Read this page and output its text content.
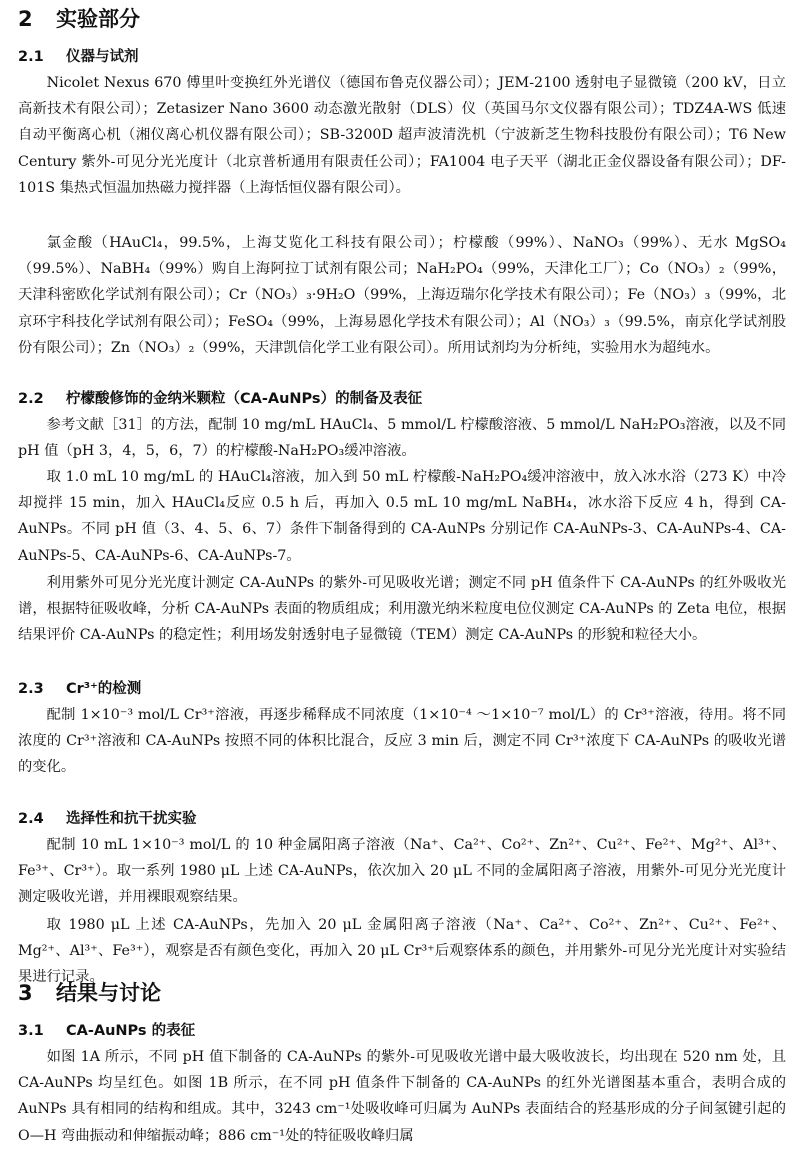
2 实验部分
2.1 仪器与试剂

Nicolet Nexus 670 傅里叶变换红外光谱仪（德国布鲁克仪器公司）；JEM-2100 透射电子显微镜（200 kV，日立高新技术有限公司）；Zetasizer Nano 3600 动态激光散射（DLS）仪（英国马尔文仪器有限公司）；TDZ4A-WS 低速自动平衡离心机（湘仪离心机仪器有限公司）；SB-3200D 超声波清洗机（宁波新芝生物科技股份有限公司）；T6 New Century 紫外-可见分光光度计（北京普析通用有限责任公司）；FA1004 电子天平（湖北正金仪器设备有限公司）；DF-101S 集热式恒温加热磁力搅拌器（上海恬恒仪器有限公司）。

氯金酸（HAuCl₄，99.5%，上海艾览化工科技有限公司）；柠檬酸（99%）、NaNO₃（99%）、无水 MgSO₄（99.5%）、NaBH₄（99%）购自上海阿拉丁试剂有限公司；NaH₂PO₄（99%，天津化工厂）；Co（NO₃）₂（99%，天津科密欧化学试剂有限公司）；Cr（NO₃）₃·9H₂O（99%，上海迈瑞尔化学技术有限公司）；Fe（NO₃）₃（99%，北京环宇科技化学试剂有限公司）；FeSO₄（99%，上海易恩化学技术有限公司）；Al（NO₃）₃（99.5%，南京化学试剂股份有限公司）；Zn（NO₃）₂（99%，天津凯信化学工业有限公司）。所用试剂均为分析纯，实验用水为超纯水。

2.2 柠檬酸修饰的金纳米颗粒（CA-AuNPs）的制备及表征

参考文献［31］的方法，配制 10 mg/mL HAuCl₄、5 mmol/L 柠檬酸溶液、5 mmol/L NaH₂PO₃溶液，以及不同 pH 值（pH 3，4，5，6，7）的柠檬酸-NaH₂PO₃缓冲溶液。

取 1.0 mL 10 mg/mL 的 HAuCl₄溶液，加入到 50 mL 柠檬酸-NaH₂PO₄缓冲溶液中，放入冰水浴（273 K）中冷却搅拌 15 min，加入 HAuCl₄反应 0.5 h 后，再加入 0.5 mL 10 mg/mL NaBH₄，冰水浴下反应 4 h，得到 CA-AuNPs。不同 pH 值（3、4、5、6、7）条件下制备得到的 CA-AuNPs 分别记作 CA-AuNPs-3、CA-AuNPs-4、CA-AuNPs-5、CA-AuNPs-6、CA-AuNPs-7。

利用紫外可见分光光度计测定 CA-AuNPs 的紫外-可见吸收光谱；测定不同 pH 值条件下 CA-AuNPs 的红外吸收光谱，根据特征吸收峰，分析 CA-AuNPs 表面的物质组成；利用激光纳米粒度电位仪测定 CA-AuNPs 的 Zeta 电位，根据结果评价 CA-AuNPs 的稳定性；利用场发射透射电子显微镜（TEM）测定 CA-AuNPs 的形貌和粒径大小。

2.3 Cr³⁺的检测

配制 1×10⁻³ mol/L Cr³⁺溶液，再逐步稀释成不同浓度（1×10⁻⁴ ～1×10⁻⁷ mol/L）的 Cr³⁺溶液，待用。将不同浓度的 Cr³⁺溶液和 CA-AuNPs 按照不同的体积比混合，反应 3 min 后，测定不同 Cr³⁺浓度下 CA-AuNPs 的吸收光谱的变化。

2.4 选择性和抗干扰实验

配制 10 mL 1×10⁻³ mol/L 的 10 种金属阳离子溶液（Na⁺、Ca²⁺、Co²⁺、Zn²⁺、Cu²⁺、Fe²⁺、Mg²⁺、Al³⁺、Fe³⁺、Cr³⁺）。取一系列 1980 μL 上述 CA-AuNPs，依次加入 20 μL 不同的金属阳离子溶液，用紫外-可见分光光度计测定吸收光谱，并用裸眼观察结果。

取 1980 μL 上述 CA-AuNPs，先加入 20 μL 金属阳离子溶液（Na⁺、Ca²⁺、Co²⁺、Zn²⁺、Cu²⁺、Fe²⁺、Mg²⁺、Al³⁺、Fe³⁺），观察是否有颜色变化，再加入 20 μL Cr³⁺后观察体系的颜色，并用紫外-可见分光光度计对实验结果进行记录。

3 结果与讨论
3.1 CA-AuNPs 的表征

如图 1A 所示，不同 pH 值下制备的 CA-AuNPs 的紫外-可见吸收光谱中最大吸收波长，均出现在 520 nm 处，且 CA-AuNPs 均呈红色。如图 1B 所示，在不同 pH 值条件下制备的 CA-AuNPs 的红外光谱图基本重合，表明合成的 AuNPs 具有相同的结构和组成。其中，3243 cm⁻¹处吸收峰可归属为 AuNPs 表面结合的羟基形成的分子间氢键引起的 O—H 弯曲振动和伸缩振动峰；886 cm⁻¹处的特征吸收峰归属
